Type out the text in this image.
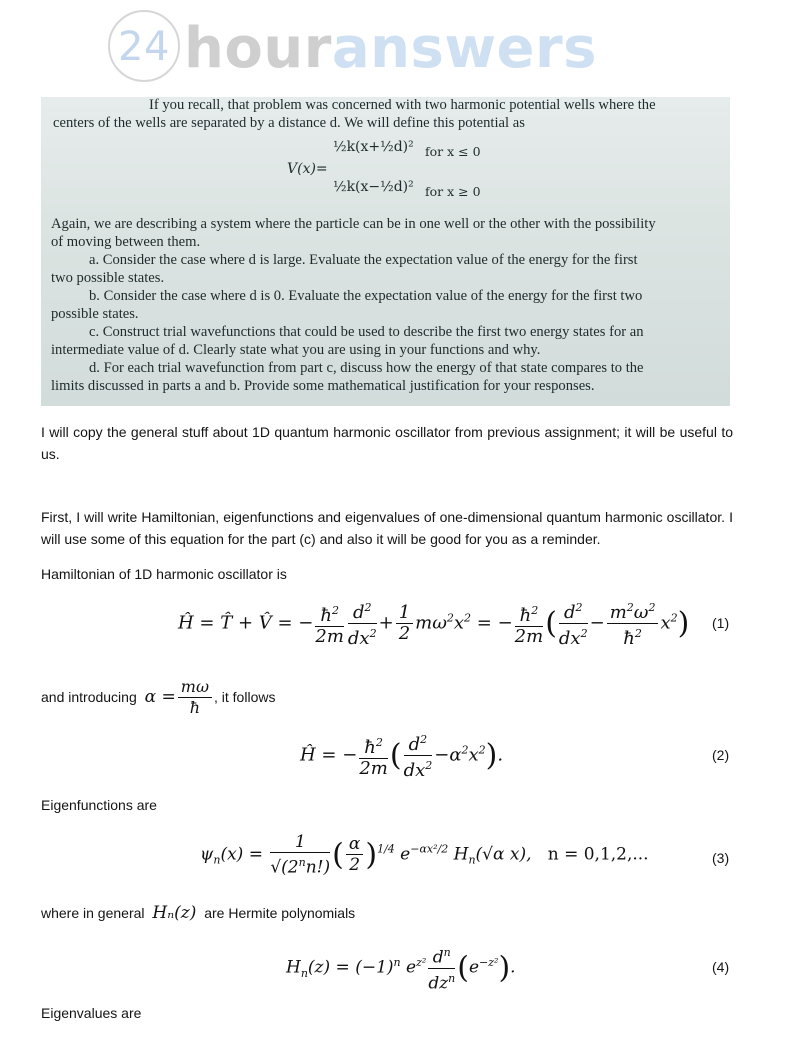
24 houranswers
If you recall, that problem was concerned with two harmonic potential wells where the
centers of the wells are separated by a distance d. We will define this potential as
V(x)=
½k(x+½d)² for x ≤ 0
½k(x−½d)² for x ≥ 0
Again, we are describing a system where the particle can be in one well or the other with the possibility
of moving between them.
a. Consider the case where d is large. Evaluate the expectation value of the energy for the first
two possible states.
b. Consider the case where d is 0. Evaluate the expectation value of the energy for the first two
possible states.
c. Construct trial wavefunctions that could be used to describe the first two energy states for an
intermediate value of d. Clearly state what you are using in your functions and why.
d. For each trial wavefunction from part c, discuss how the energy of that state compares to the
limits discussed in parts a and b. Provide some mathematical justification for your responses.
I will copy the general stuff about 1D quantum harmonic oscillator from previous assignment; it will be useful to us.
First, I will write Hamiltonian, eigenfunctions and eigenvalues of one-dimensional quantum harmonic oscillator. I will use some of this equation for the part (c) and also it will be good for you as a reminder.
Hamiltonian of 1D harmonic oscillator is
Ĥ = T̂ + V̂ = − $\frac{ħ^2}{2m} \frac{d^2}{dx^2} + \frac{1}{2} m\omega^2x^2$ = − $\frac{ħ^2}{2m}$ ( $\frac{d^2}{dx^2} - \frac{m^2\omega^2}{ħ^2} x^2$) (1)
and introducing $\alpha = \frac{m\omega}{ħ}$ , it follows
Ĥ = − $\frac{ħ^2}{2m}$ ( $\frac{d^2}{dx^2} -\alpha^2x^2$).	(2)
Eigenfunctions are
$\psi_n(x) = \frac{1}{√(2^nn!)}$ ( $\frac{\alpha}{2} )^{1/4}$ $e^{-\alpha x^2/2}$ $H_n(√\alpha$ x),   n = 0,1,2,...	(3)
where in general Hₙ(z) are Hermite polynomials
$H_n(z) = (-1)^n$ $e^{z^2} \frac{d^n}{dz^n} (e^{-z^2})$.	(4)
Eigenvalues are
